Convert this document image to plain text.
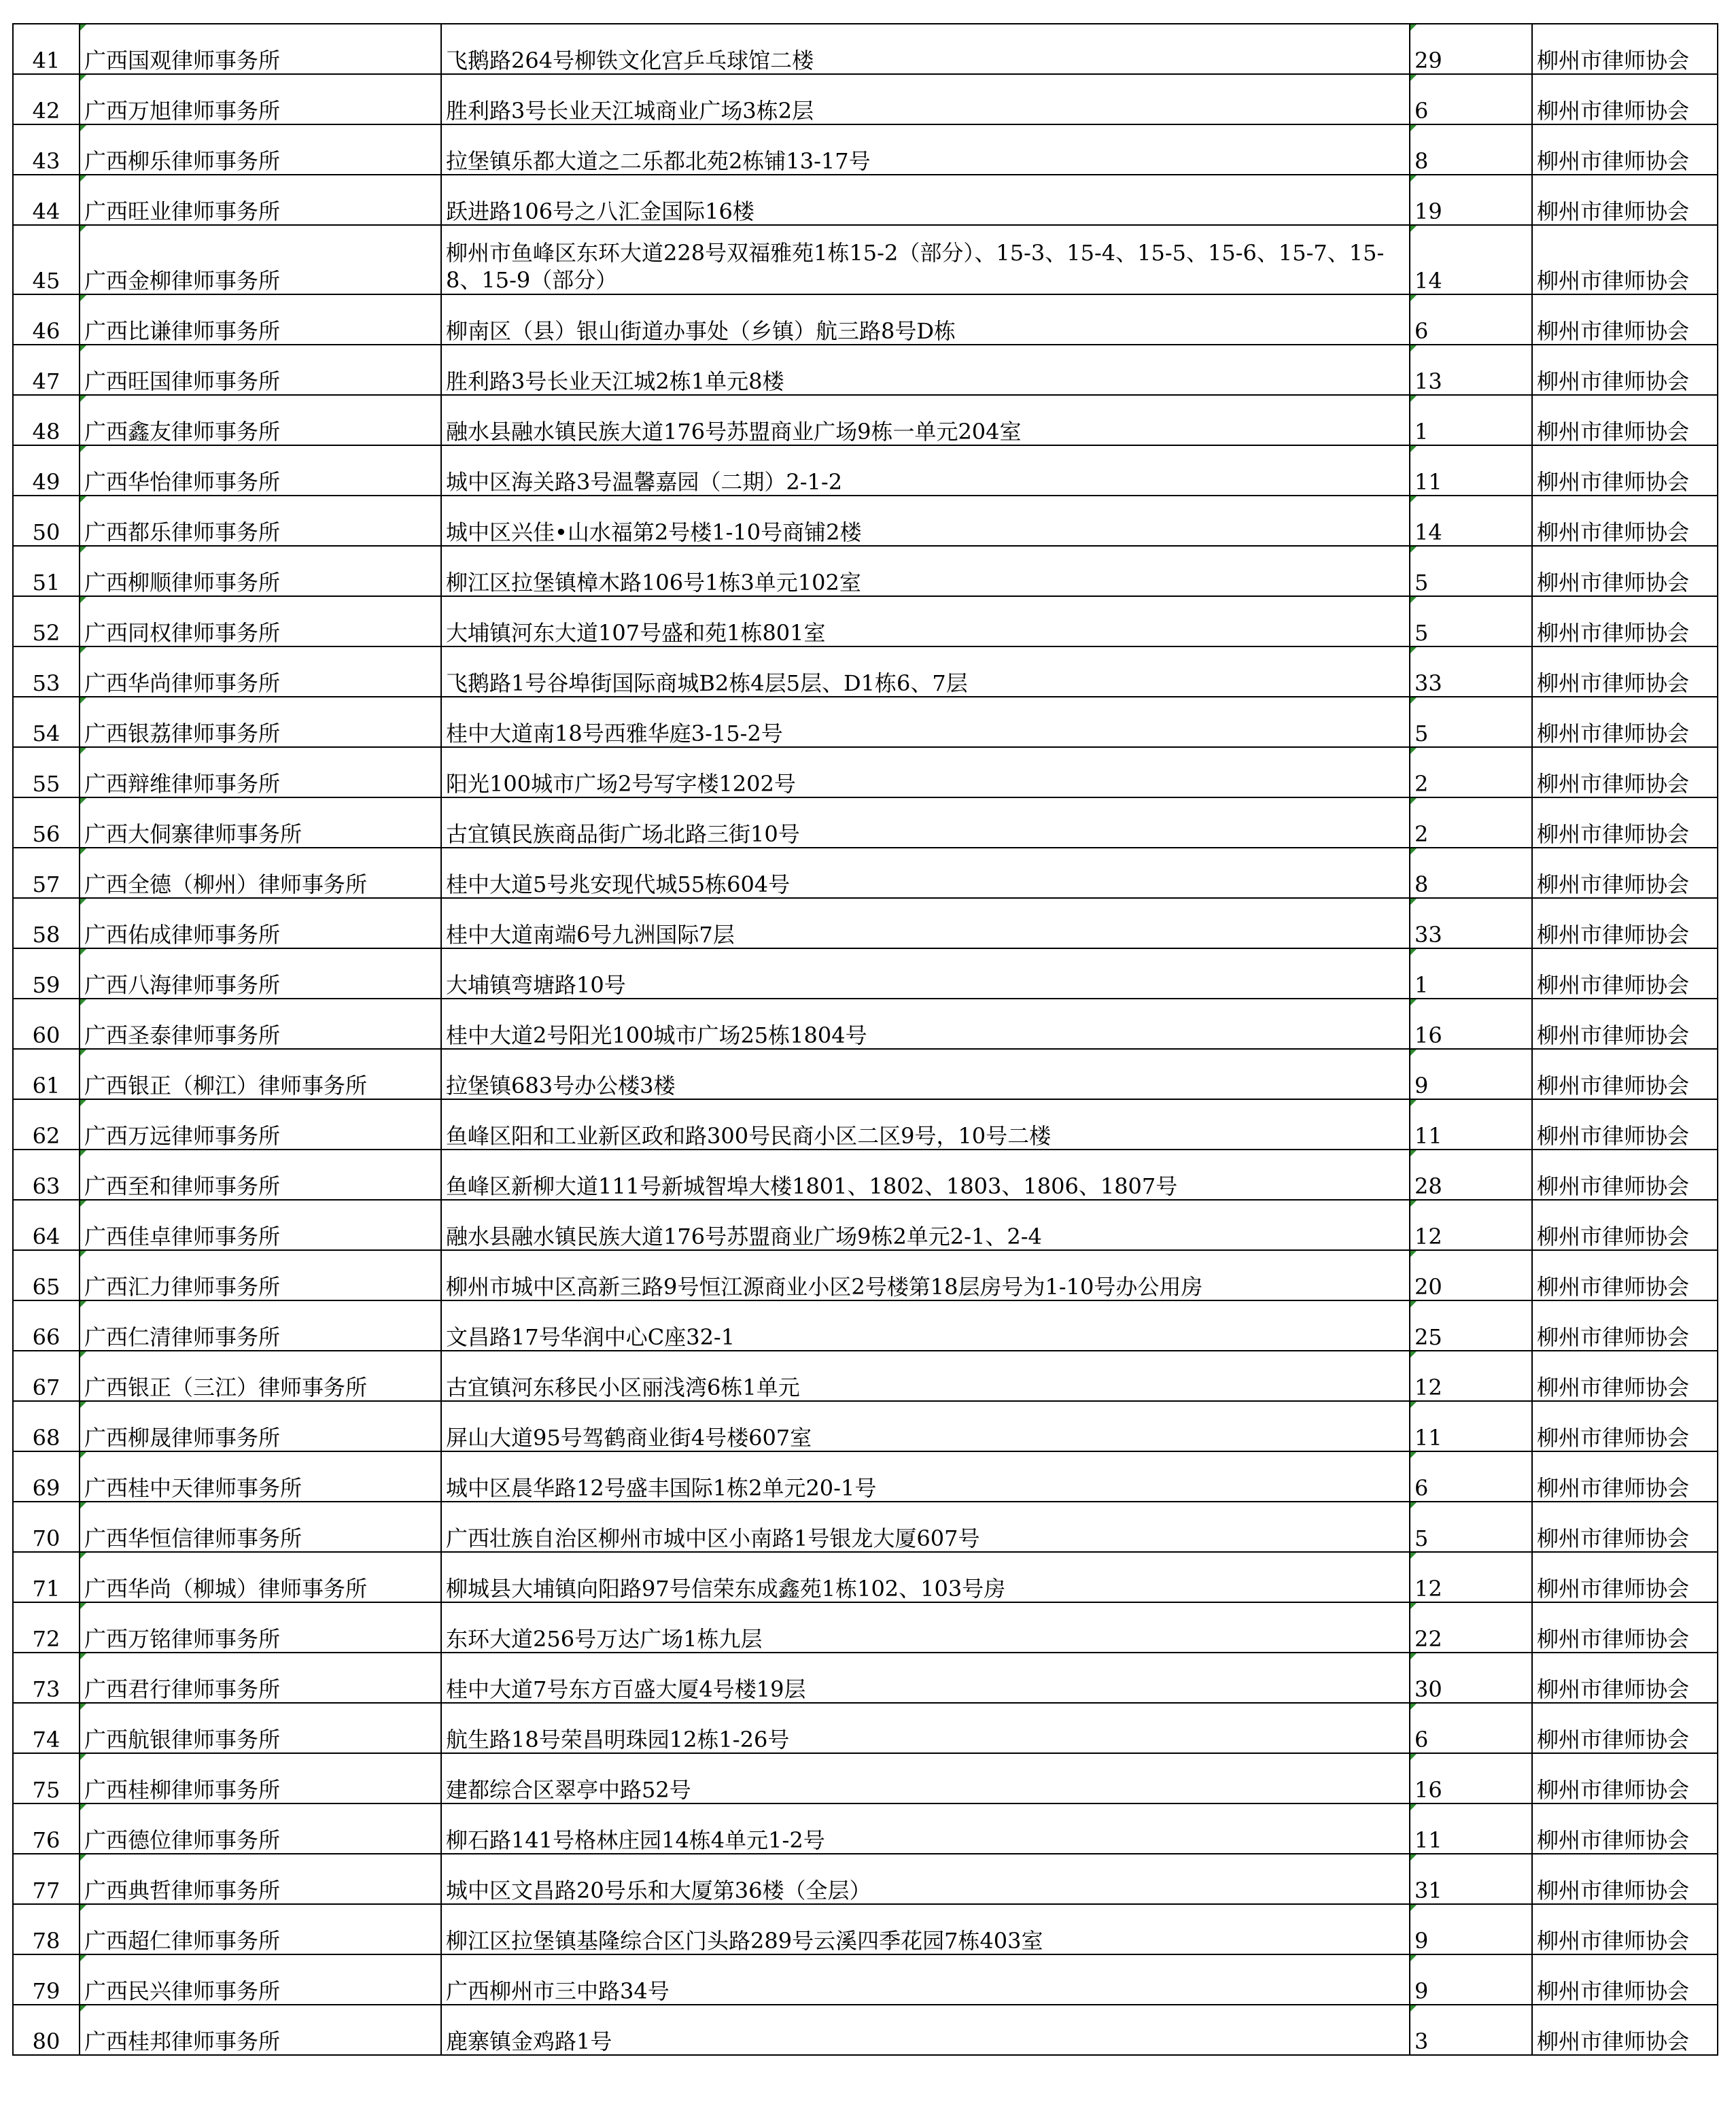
41	广西国观律师事务所	飞鹅路264号柳铁文化宫乒乓球馆二楼	29	柳州市律师协会
42	广西万旭律师事务所	胜利路3号长业天江城商业广场3栋2层	6	柳州市律师协会
43	广西柳乐律师事务所	拉堡镇乐都大道之二乐都北苑2栋铺13-17号	8	柳州市律师协会
44	广西旺业律师事务所	跃进路106号之八汇金国际16楼	19	柳州市律师协会
45	广西金柳律师事务所	柳州市鱼峰区东环大道228号双福雅苑1栋15-2（部分）、15-3、15-4、15-5、15-6、15-7、15-8、15-9（部分）	14	柳州市律师协会
46	广西比谦律师事务所	柳南区（县）银山街道办事处（乡镇）航三路8号D栋	6	柳州市律师协会
47	广西旺国律师事务所	胜利路3号长业天江城2栋1单元8楼	13	柳州市律师协会
48	广西鑫友律师事务所	融水县融水镇民族大道176号苏盟商业广场9栋一单元204室	1	柳州市律师协会
49	广西华怡律师事务所	城中区海关路3号温馨嘉园（二期）2-1-2	11	柳州市律师协会
50	广西都乐律师事务所	城中区兴佳•山水福第2号楼1-10号商铺2楼	14	柳州市律师协会
51	广西柳顺律师事务所	柳江区拉堡镇樟木路106号1栋3单元102室	5	柳州市律师协会
52	广西同权律师事务所	大埔镇河东大道107号盛和苑1栋801室	5	柳州市律师协会
53	广西华尚律师事务所	飞鹅路1号谷埠街国际商城B2栋4层5层、D1栋6、7层	33	柳州市律师协会
54	广西银荔律师事务所	桂中大道南18号西雅华庭3-15-2号	5	柳州市律师协会
55	广西辩维律师事务所	阳光100城市广场2号写字楼1202号	2	柳州市律师协会
56	广西大侗寨律师事务所	古宜镇民族商品街广场北路三街10号	2	柳州市律师协会
57	广西全德（柳州）律师事务所	桂中大道5号兆安现代城55栋604号	8	柳州市律师协会
58	广西佑成律师事务所	桂中大道南端6号九洲国际7层	33	柳州市律师协会
59	广西八海律师事务所	大埔镇弯塘路10号	1	柳州市律师协会
60	广西圣泰律师事务所	桂中大道2号阳光100城市广场25栋1804号	16	柳州市律师协会
61	广西银正（柳江）律师事务所	拉堡镇683号办公楼3楼	9	柳州市律师协会
62	广西万远律师事务所	鱼峰区阳和工业新区政和路300号民商小区二区9号，10号二楼	11	柳州市律师协会
63	广西至和律师事务所	鱼峰区新柳大道111号新城智埠大楼1801、1802、1803、1806、1807号	28	柳州市律师协会
64	广西佳卓律师事务所	融水县融水镇民族大道176号苏盟商业广场9栋2单元2-1、2-4	12	柳州市律师协会
65	广西汇力律师事务所	柳州市城中区高新三路9号恒江源商业小区2号楼第18层房号为1-10号办公用房	20	柳州市律师协会
66	广西仁清律师事务所	文昌路17号华润中心C座32-1	25	柳州市律师协会
67	广西银正（三江）律师事务所	古宜镇河东移民小区丽浅湾6栋1单元	12	柳州市律师协会
68	广西柳晟律师事务所	屏山大道95号驾鹤商业街4号楼607室	11	柳州市律师协会
69	广西桂中天律师事务所	城中区晨华路12号盛丰国际1栋2单元20-1号	6	柳州市律师协会
70	广西华恒信律师事务所	广西壮族自治区柳州市城中区小南路1号银龙大厦607号	5	柳州市律师协会
71	广西华尚（柳城）律师事务所	柳城县大埔镇向阳路97号信荣东成鑫苑1栋102、103号房	12	柳州市律师协会
72	广西万铭律师事务所	东环大道256号万达广场1栋九层	22	柳州市律师协会
73	广西君行律师事务所	桂中大道7号东方百盛大厦4号楼19层	30	柳州市律师协会
74	广西航银律师事务所	航生路18号荣昌明珠园12栋1-26号	6	柳州市律师协会
75	广西桂柳律师事务所	建都综合区翠亭中路52号	16	柳州市律师协会
76	广西德位律师事务所	柳石路141号格林庄园14栋4单元1-2号	11	柳州市律师协会
77	广西典哲律师事务所	城中区文昌路20号乐和大厦第36楼（全层）	31	柳州市律师协会
78	广西超仁律师事务所	柳江区拉堡镇基隆综合区门头路289号云溪四季花园7栋403室	9	柳州市律师协会
79	广西民兴律师事务所	广西柳州市三中路34号	9	柳州市律师协会
80	广西桂邦律师事务所	鹿寨镇金鸡路1号	3	柳州市律师协会
